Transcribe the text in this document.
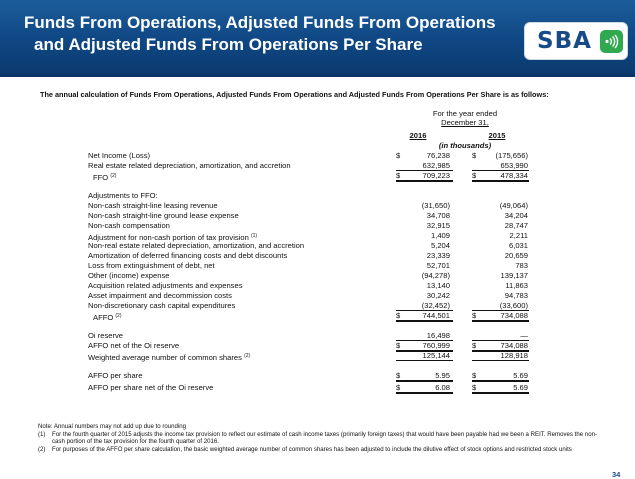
Funds From Operations, Adjusted Funds From Operations
and Adjusted Funds From Operations Per Share	SBA
The annual calculation of Funds From Operations, Adjusted Funds From Operations and Adjusted Funds From Operations Per Share is as follows:
For the year ended
December 31,
2016	2015
(in thousands)
Net Income (Loss)	$	76,238	$	(175,656)
Real estate related depreciation, amortization, and accretion	632,985	653,990
FFO $^{(2)}$	$	709,223	$	478,334
Adjustments to FFO:
Non-cash straight-line leasing revenue	(31,650)	(49,064)
Non-cash straight-line ground lease expense	34,708	34,204
Non-cash compensation	32,915	28,747
Adjustment for non-cash portion of tax provision $^{(1)}$	1,409	2,211
Non-real estate related depreciation, amortization, and accretion	5,204	6,031
Amortization of deferred financing costs and debt discounts	23,339	20,659
Loss from extinguishment of debt, net	52,701	783
Other (income) expense	(94,278)	139,137
Acquisition related adjustments and expenses	13,140	11,863
Asset impairment and decommission costs	30,242	94,783
Non-discretionary cash capital expenditures	(32,452)	(33,600)
AFFO $^{(2)}$	$	744,501	$	734,088
Oi reserve	16,498	—
AFFO net of the Oi reserve	$	760,999	$	734,088
Weighted average number of common shares $^{(2)}$	125,144	128,918
AFFO per share	$	5.95	$	5.69
AFFO per share net of the Oi reserve	$	6.08	$	5.69
Note: Annual numbers may not add up due to rounding
(1) For the fourth quarter of 2015 adjusts the income tax provision to reflect our estimate of cash income taxes (primarily foreign taxes) that would have been payable had we been a REIT. Removes the non-cash portion of the tax provision for the fourth quarter of 2016.
(2) For purposes of the AFFO per share calculation, the basic weighted average number of common shares has been adjusted to include the dilutive effect of stock options and restricted stock units
34
